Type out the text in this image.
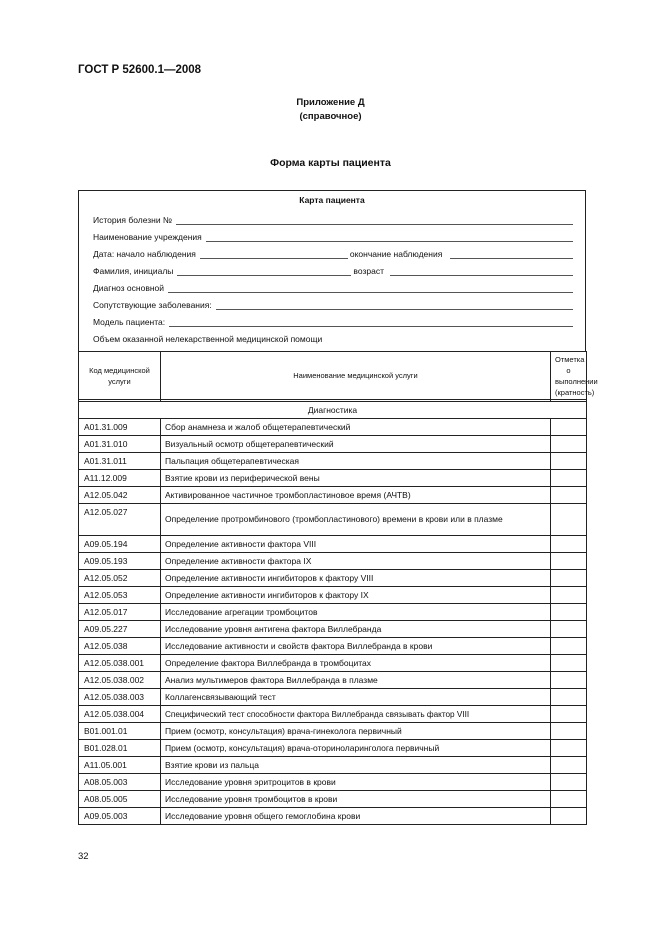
ГОСТ Р 52600.1—2008
Приложение Д
(справочное)
Форма карты пациента
Карта пациента
История болезни №
Наименование учреждения
Дата: начало наблюдения	окончание наблюдения
Фамилия, инициалы	возраст
Диагноз основной
Сопутствующие заболевания:
Модель пациента:
Объем оказанной нелекарственной медицинской помощи
Код медицинской услуги	Наименование медицинской услуги	Отметка о выполнении (кратность)

Диагностика		
А01.31.009	Сбор анамнеза и жалоб общетерапевтический	
А01.31.010	Визуальный осмотр общетерапевтический	
А01.31.011	Пальпация общетерапевтическая	
А11.12.009	Взятие крови из периферической вены	
А12.05.042	Активированное частичное тромбопластиновое время (АЧТВ)	
А12.05.027	Определение протромбинового (тромбопластинового) времени в крови или в плазме	
А09.05.194	Определение активности фактора VIII	
А09.05.193	Определение активности фактора IX	
А12.05.052	Определение активности ингибиторов к фактору VIII	
А12.05.053	Определение активности ингибиторов к фактору IX	
А12.05.017	Исследование агрегации тромбоцитов	
А09.05.227	Исследование уровня антигена фактора Виллебранда	
А12.05.038	Исследование активности и свойств фактора Виллебранда в крови	
А12.05.038.001	Определение фактора Виллебранда в тромбоцитах	
А12.05.038.002	Анализ мультимеров фактора Виллебранда в плазме	
А12.05.038.003	Коллагенсвязывающий тест	
А12.05.038.004	Специфический тест способности фактора Виллебранда связывать фактор VIII	
В01.001.01	Прием (осмотр, консультация) врача-гинеколога первичный	
В01.028.01	Прием (осмотр, консультация) врача-оториноларинголога первичный	
А11.05.001	Взятие крови из пальца	
А08.05.003	Исследование уровня эритроцитов в крови	
А08.05.005	Исследование уровня тромбоцитов в крови	
А09.05.003	Исследование уровня общего гемоглобина крови	
32
